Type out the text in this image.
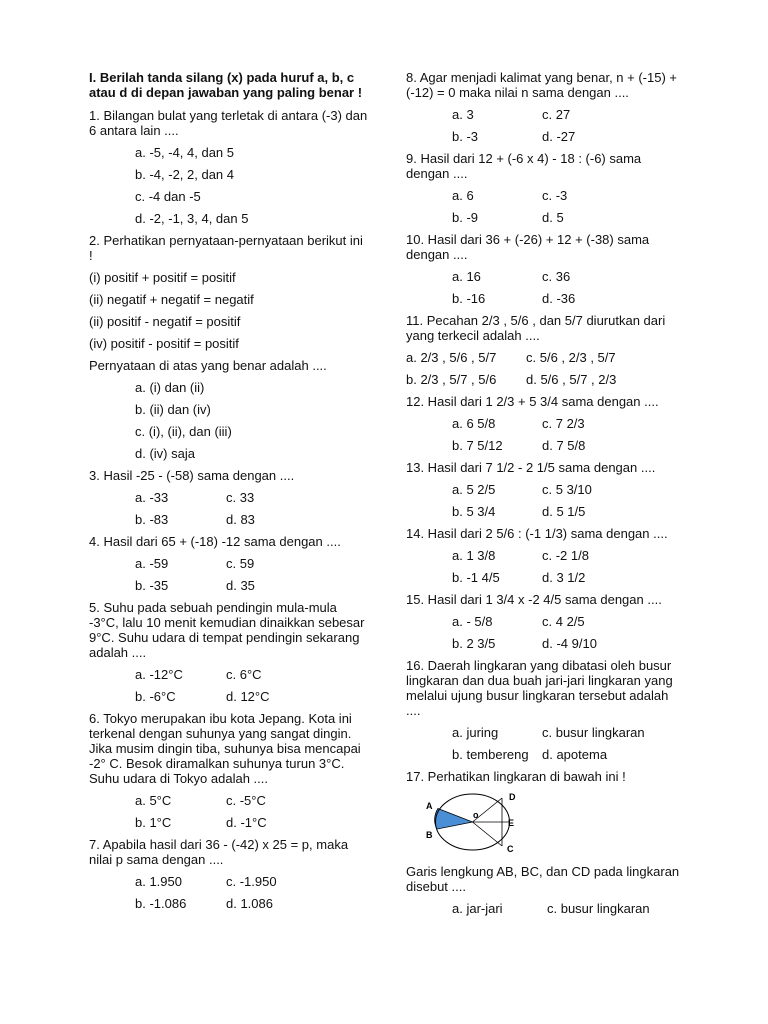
I. Berilah tanda silang (x) pada huruf a, b, c atau d di depan jawaban yang paling benar !
1. Bilangan bulat yang terletak di antara (-3) dan 6 antara lain ....
a. -5, -4, 4, dan 5
b. -4, -2, 2, dan 4
c. -4 dan -5
d. -2, -1, 3, 4, dan 5
2. Perhatikan pernyataan-pernyataan berikut ini !
(i) positif + positif = positif
(ii) negatif + negatif = negatif
(ii) positif - negatif = positif
(iv) positif - positif = positif
Pernyataan di atas yang benar adalah ....
a. (i) dan (ii)
b. (ii) dan (iv)
c. (i), (ii), dan (iii)
d. (iv) saja
3. Hasil -25 - (-58) sama dengan ....
a. -33	c. 33
b. -83	d. 83
4. Hasil dari 65 + (-18) -12 sama dengan ....
a. -59	c. 59
b. -35	d. 35
5. Suhu pada sebuah pendingin mula-mula -3°C, lalu 10 menit kemudian dinaikkan sebesar 9°C. Suhu udara di tempat pendingin sekarang adalah ....
a. -12°C	c. 6°C
b. -6°C	d. 12°C
6. Tokyo merupakan ibu kota Jepang. Kota ini terkenal dengan suhunya yang sangat dingin. Jika musim dingin tiba, suhunya bisa mencapai -2° C. Besok diramalkan suhunya turun 3°C. Suhu udara di Tokyo adalah ....
a. 5°C	c. -5°C
b. 1°C	d. -1°C
7. Apabila hasil dari 36 - (-42) x 25 = p, maka nilai p sama dengan ....
a. 1.950	c. -1.950
b. -1.086	d. 1.086
8. Agar menjadi kalimat yang benar, n + (-15) + (-12) = 0 maka nilai n sama dengan ....
a. 3	c. 27
b. -3	d. -27
9. Hasil dari 12 + (-6 x 4) - 18 : (-6) sama dengan ....
a. 6	c. -3
b. -9	d. 5
10. Hasil dari 36 + (-26) + 12 + (-38) sama dengan ....
a. 16	c. 36
b. -16	d. -36
11. Pecahan 2/3 , 5/6 , dan 5/7 diurutkan dari yang terkecil adalah ....
a. 2/3 , 5/6 , 5/7	c. 5/6 , 2/3 , 5/7
b. 2/3 , 5/7 , 5/6	d. 5/6 , 5/7 , 2/3
12. Hasil dari 1 2/3 + 5 3/4 sama dengan ....
a. 6 5/8	c. 7 2/3
b. 7 5/12	d. 7 5/8
13. Hasil dari 7 1/2 - 2 1/5 sama dengan ....
a. 5 2/5	c. 5 3/10
b. 5 3/4	d. 5 1/5
14. Hasil dari 2 5/6 : (-1 1/3) sama dengan ....
a. 1 3/8	c. -2 1/8
b. -1 4/5	d. 3 1/2
15. Hasil dari 1 3/4 x -2 4/5 sama dengan ....
a. - 5/8	c. 4 2/5
b. 2 3/5	d. -4 9/10
16. Daerah lingkaran yang dibatasi oleh busur lingkaran dan dua buah jari-jari lingkaran yang melalui ujung busur lingkaran tersebut adalah ....
a. juring	c. busur lingkaran
b. tembereng	d. apotema
17. Perhatikan lingkaran di bawah ini !
A
B
o
D
E
C
Garis lengkung AB, BC, dan CD pada lingkaran disebut ....
a. jar-jari	c. busur lingkaran
